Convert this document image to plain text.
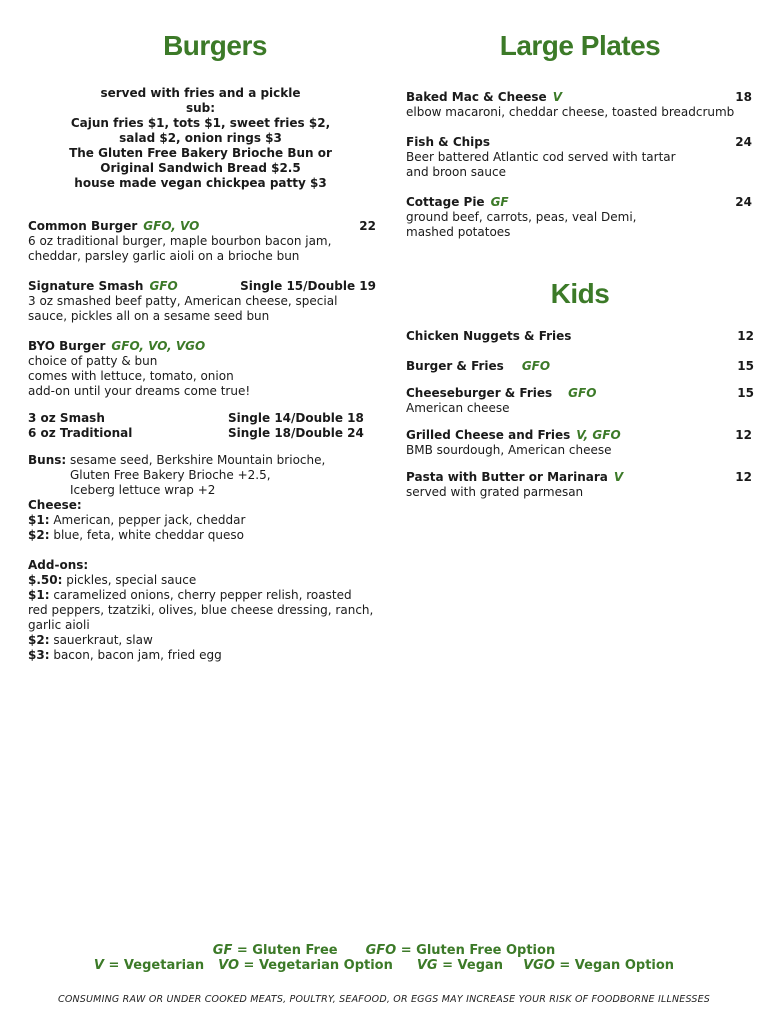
Burgers	Large Plates
Kids
served with fries and a pickle
sub:
Cajun fries $1, tots $1, sweet fries $2,
salad $2, onion rings $3
The Gluten Free Bakery Brioche Bun or
Original Sandwich Bread $2.5
house made vegan chickpea patty $3
Common Burger GFO, VO	22
6 oz traditional burger, maple bourbon bacon jam,
cheddar, parsley garlic aioli on a brioche bun
Signature Smash GFO	Single 15/Double 19
3 oz smashed beef patty, American cheese, special
sauce, pickles all on a sesame seed bun
BYO Burger GFO, VO, VGO
choice of patty & bun
comes with lettuce, tomato, onion
add-on until your dreams come true!
3 oz Smash	Single 14/Double 18
6 oz Traditional	Single 18/Double 24
Buns: sesame seed, Berkshire Mountain brioche,
Gluten Free Bakery Brioche +2.5,
Iceberg lettuce wrap +2
Cheese:
$1: American, pepper jack, cheddar
$2: blue, feta, white cheddar queso
Add-ons:
$.50: pickles, special sauce
$1: caramelized onions, cherry pepper relish, roasted
red peppers, tzatziki, olives, blue cheese dressing, ranch,
garlic aioli
$2: sauerkraut, slaw
$3: bacon, bacon jam, fried egg
Baked Mac & Cheese V	18
elbow macaroni, cheddar cheese, toasted breadcrumb
Fish & Chips	24
Beer battered Atlantic cod served with tartar
and broon sauce
Cottage Pie GF	24
ground beef, carrots, peas, veal Demi,
mashed potatoes
Chicken Nuggets & Fries	12
Burger & Fries GFO	15
Cheeseburger & Fries GFO	15
American cheese
Grilled Cheese and Fries V, GFO	12
BMB sourdough, American cheese
Pasta with Butter or Marinara V	12
served with grated parmesan
GF = Gluten Free GFO = Gluten Free Option
V = Vegetarian VO = Vegetarian Option VG = Vegan VGO = Vegan Option
CONSUMING RAW OR UNDER COOKED MEATS, POULTRY, SEAFOOD, OR EGGS MAY INCREASE YOUR RISK OF FOODBORNE ILLNESSES
